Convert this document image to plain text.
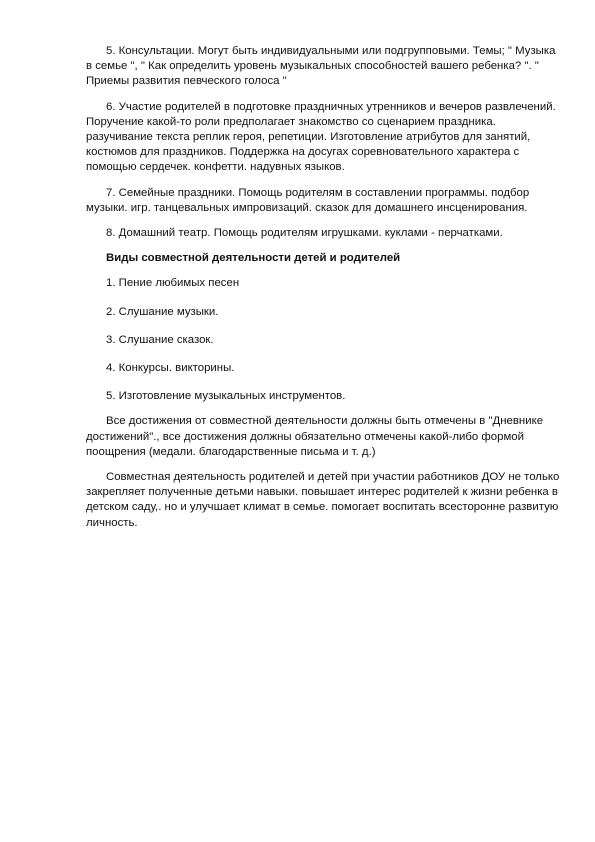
5. Консультации. Могут быть индивидуальными или подгрупповыми. Темы; " Музыка в семье ", " Как определить уровень музыкальных способностей вашего ребенка? ". " Приемы развития певческого голоса "

6. Участие родителей в подготовке праздничных утренников и вечеров развлечений. Поручение какой-то роли предполагает знакомство со сценарием праздника. разучивание текста реплик героя, репетиции. Изготовление атрибутов для занятий, костюмов для праздников. Поддержка на досугах соревновательного характера с помощью сердечек. конфетти. надувных языков.

7. Семейные праздники. Помощь родителям в составлении программы. подбор музыки. игр. танцевальных импровизаций. сказок для домашнего инсценирования.

8. Домашний театр. Помощь родителям игрушками. куклами - перчатками.

Виды совместной деятельности детей и родителей

1. Пение любимых песен

2. Слушание музыки.

3. Слушание сказок.

4. Конкурсы. викторины.

5. Изготовление музыкальных инструментов.

Все достижения от совместной деятельности должны быть отмечены в "Дневнике достижений"., все достижения должны обязательно отмечены какой-либо формой поощрения (медали. благодарственные письма и т. д.)

Совместная деятельность родителей и детей при участии работников ДОУ не только закрепляет полученные детьми навыки. повышает интерес родителей к жизни ребенка в детском саду,. но и улучшает климат в семье. помогает воспитать всесторонне развитую личность.
